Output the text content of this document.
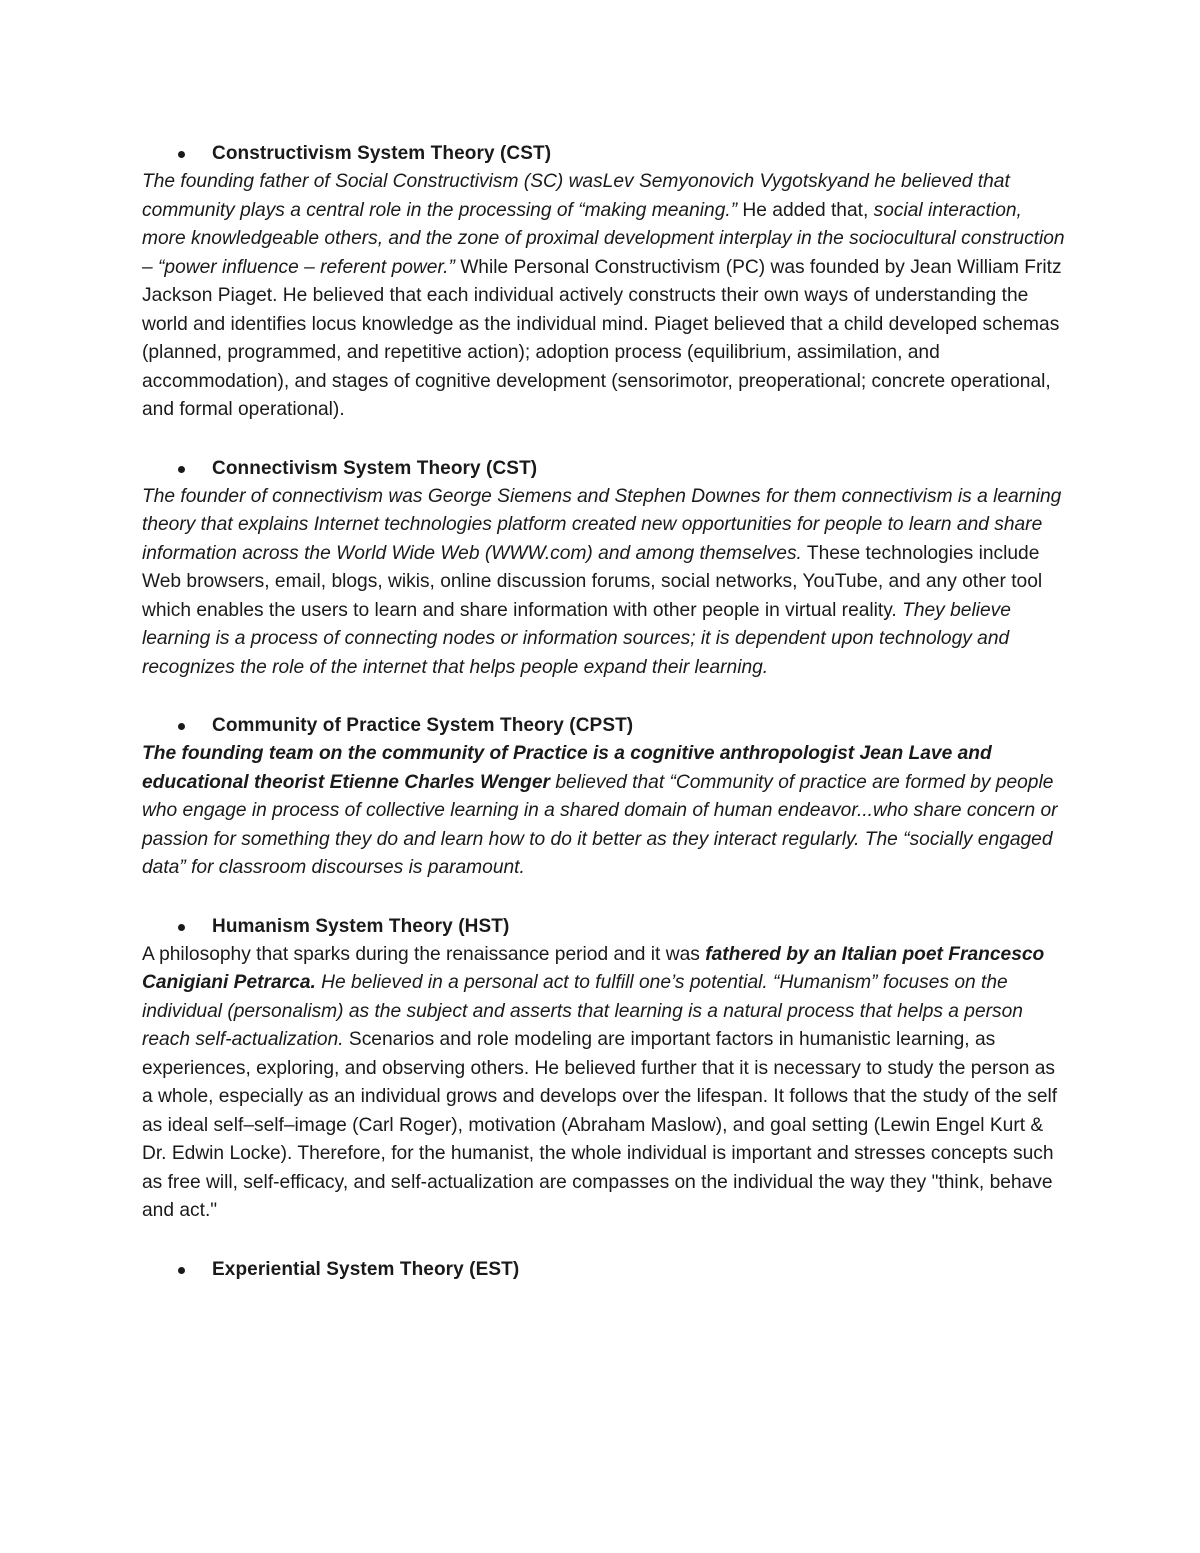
Constructivism System Theory (CST)

The founding father of Social Constructivism (SC) wasLev Semyonovich Vygotskyand he believed that community plays a central role in the processing of “making meaning.” He added that, social interaction, more knowledgeable others, and the zone of proximal development interplay in the sociocultural construction – “power influence – referent power.” While Personal Constructivism (PC) was founded by Jean William Fritz Jackson Piaget. He believed that each individual actively constructs their own ways of understanding the world and identifies locus knowledge as the individual mind. Piaget believed that a child developed schemas (planned, programmed, and repetitive action); adoption process (equilibrium, assimilation, and accommodation), and stages of cognitive development (sensorimotor, preoperational; concrete operational, and formal operational).

Connectivism System Theory (CST)

The founder of connectivism was George Siemens and Stephen Downes for them connectivism is a learning theory that explains Internet technologies platform created new opportunities for people to learn and share information across the World Wide Web (WWW.com) and among themselves. These technologies include Web browsers, email, blogs, wikis, online discussion forums, social networks, YouTube, and any other tool which enables the users to learn and share information with other people in virtual reality. They believe learning is a process of connecting nodes or information sources; it is dependent upon technology and recognizes the role of the internet that helps people expand their learning.

Community of Practice System Theory (CPST)

The founding team on the community of Practice is a cognitive anthropologist Jean Lave and educational theorist Etienne Charles Wenger believed that “Community of practice are formed by people who engage in process of collective learning in a shared domain of human endeavor...who share concern or passion for something they do and learn how to do it better as they interact regularly. The “socially engaged data” for classroom discourses is paramount.

Humanism System Theory (HST)

A philosophy that sparks during the renaissance period and it was fathered by an Italian poet Francesco Canigiani Petrarca. He believed in a personal act to fulfill one’s potential. “Humanism” focuses on the individual (personalism) as the subject and asserts that learning is a natural process that helps a person reach self-actualization. Scenarios and role modeling are important factors in humanistic learning, as experiences, exploring, and observing others. He believed further that it is necessary to study the person as a whole, especially as an individual grows and develops over the lifespan. It follows that the study of the self as ideal self–self–image (Carl Roger), motivation (Abraham Maslow), and goal setting (Lewin Engel Kurt & Dr. Edwin Locke). Therefore, for the humanist, the whole individual is important and stresses concepts such as free will, self-efficacy, and self-actualization are compasses on the individual the way they "think, behave and act."

Experiential System Theory (EST)
